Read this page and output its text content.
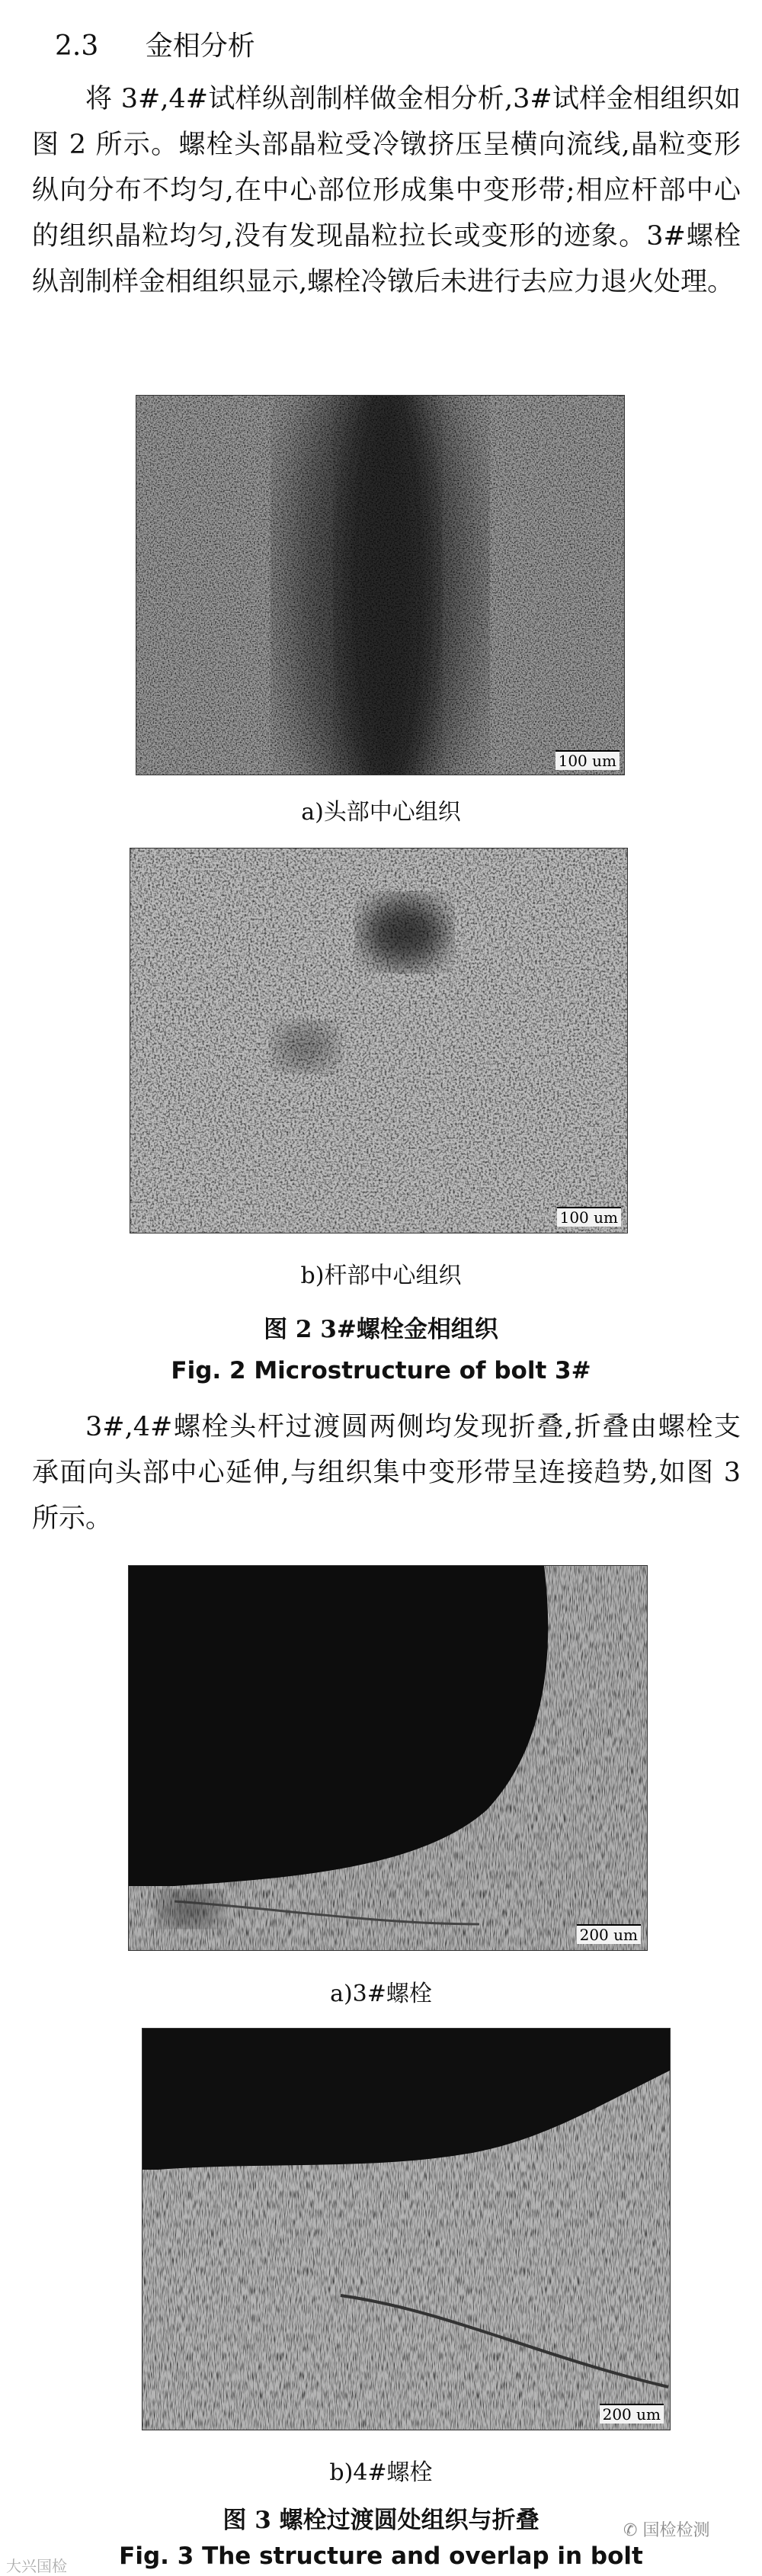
2.3 金相分析

将 3#,4#试样纵剖制样做金相分析,3#试样金相组织如图 2 所示。螺栓头部晶粒受冷镦挤压呈横向流线,晶粒变形纵向分布不均匀,在中心部位形成集中变形带;相应杆部中心的组织晶粒均匀,没有发现晶粒拉长或变形的迹象。3#螺栓纵剖制样金相组织显示,螺栓冷镦后未进行去应力退火处理。

100 um
a)头部中心组织
100 um
b)杆部中心组织
图 2 3#螺栓金相组织
Fig. 2 Microstructure of bolt 3#

3#,4#螺栓头杆过渡圆两侧均发现折叠,折叠由螺栓支承面向头部中心延伸,与组织集中变形带呈连接趋势,如图 3 所示。

200 um
a)3#螺栓
200 um
b)4#螺栓
图 3 螺栓过渡圆处组织与折叠
Fig. 3 The structure and overlap in bolt
大兴国检
✆ 国检检测
